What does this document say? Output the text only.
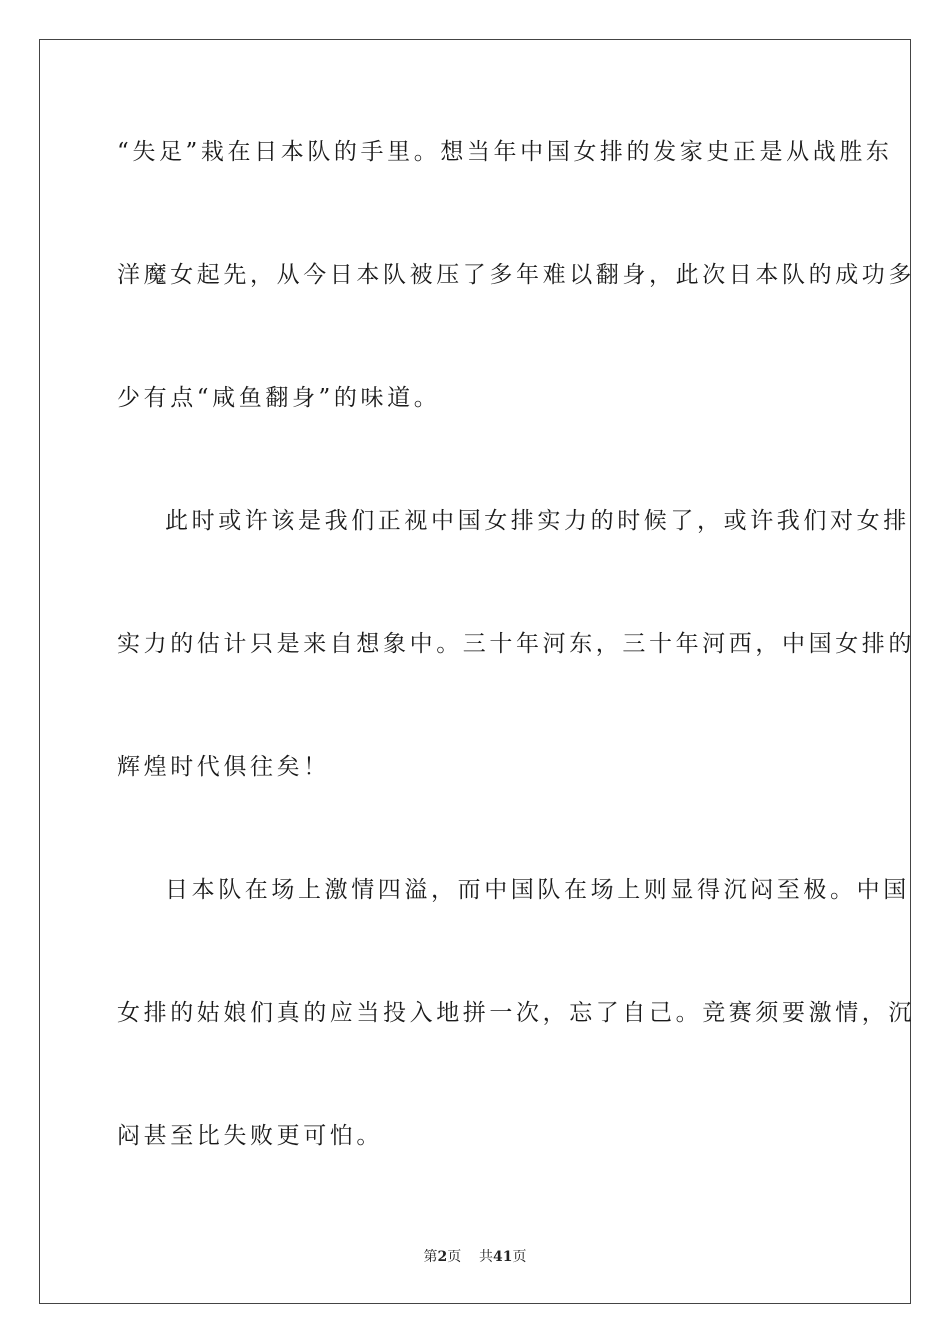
“失足”栽在日本队的手里。想当年中国女排的发家史正是从战胜东
洋魔女起先，从今日本队被压了多年难以翻身，此次日本队的成功多
少有点“咸鱼翻身”的味道。
此时或许该是我们正视中国女排实力的时候了，或许我们对女排
实力的估计只是来自想象中。三十年河东，三十年河西，中国女排的
辉煌时代俱往矣！
日本队在场上激情四溢，而中国队在场上则显得沉闷至极。中国
女排的姑娘们真的应当投入地拼一次，忘了自己。竞赛须要激情，沉
闷甚至比失败更可怕。
第2页 共41页
